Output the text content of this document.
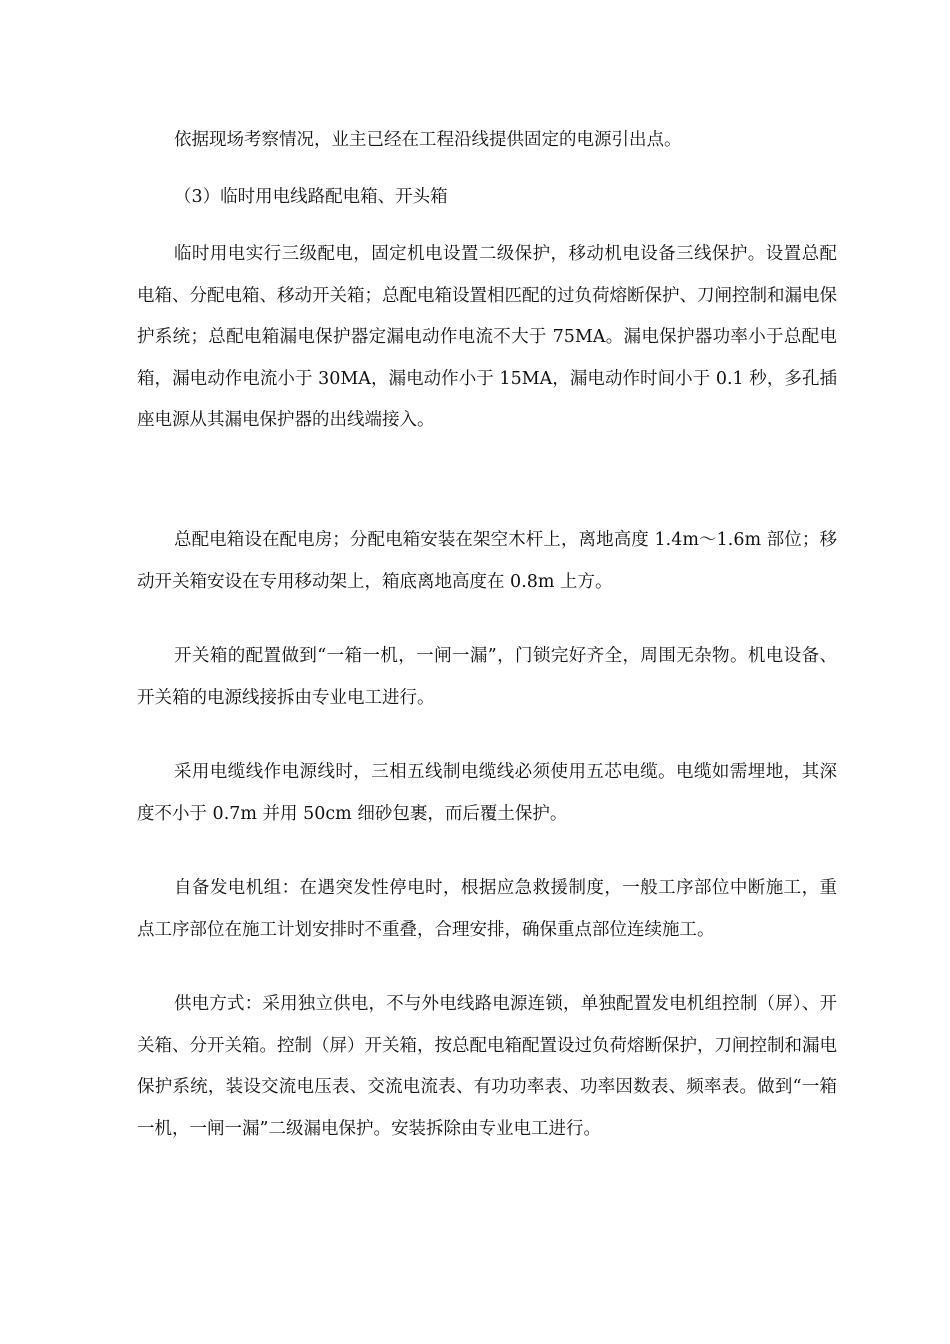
依据现场考察情况，业主已经在工程沿线提供固定的电源引出点。

（3）临时用电线路配电箱、开头箱

临时用电实行三级配电，固定机电设置二级保护，移动机电设备三线保护。设置总配电箱、分配电箱、移动开关箱；总配电箱设置相匹配的过负荷熔断保护、刀闸控制和漏电保护系统；总配电箱漏电保护器定漏电动作电流不大于 75MA。漏电保护器功率小于总配电箱，漏电动作电流小于 30MA，漏电动作小于 15MA，漏电动作时间小于 0.1 秒，多孔插座电源从其漏电保护器的出线端接入。

总配电箱设在配电房；分配电箱安装在架空木杆上，离地高度 1.4m～1.6m 部位；移动开关箱安设在专用移动架上，箱底离地高度在 0.8m 上方。

开关箱的配置做到“一箱一机，一闸一漏”，门锁完好齐全，周围无杂物。机电设备、开关箱的电源线接拆由专业电工进行。

采用电缆线作电源线时，三相五线制电缆线必须使用五芯电缆。电缆如需埋地，其深度不小于 0.7m 并用 50cm 细砂包裹，而后覆土保护。

自备发电机组：在遇突发性停电时，根据应急救援制度，一般工序部位中断施工，重点工序部位在施工计划安排时不重叠，合理安排，确保重点部位连续施工。

供电方式：采用独立供电，不与外电线路电源连锁，单独配置发电机组控制（屏）、开关箱、分开关箱。控制（屏）开关箱，按总配电箱配置设过负荷熔断保护，刀闸控制和漏电保护系统，装设交流电压表、交流电流表、有功功率表、功率因数表、频率表。做到“一箱一机，一闸一漏”二级漏电保护。安装拆除由专业电工进行。
